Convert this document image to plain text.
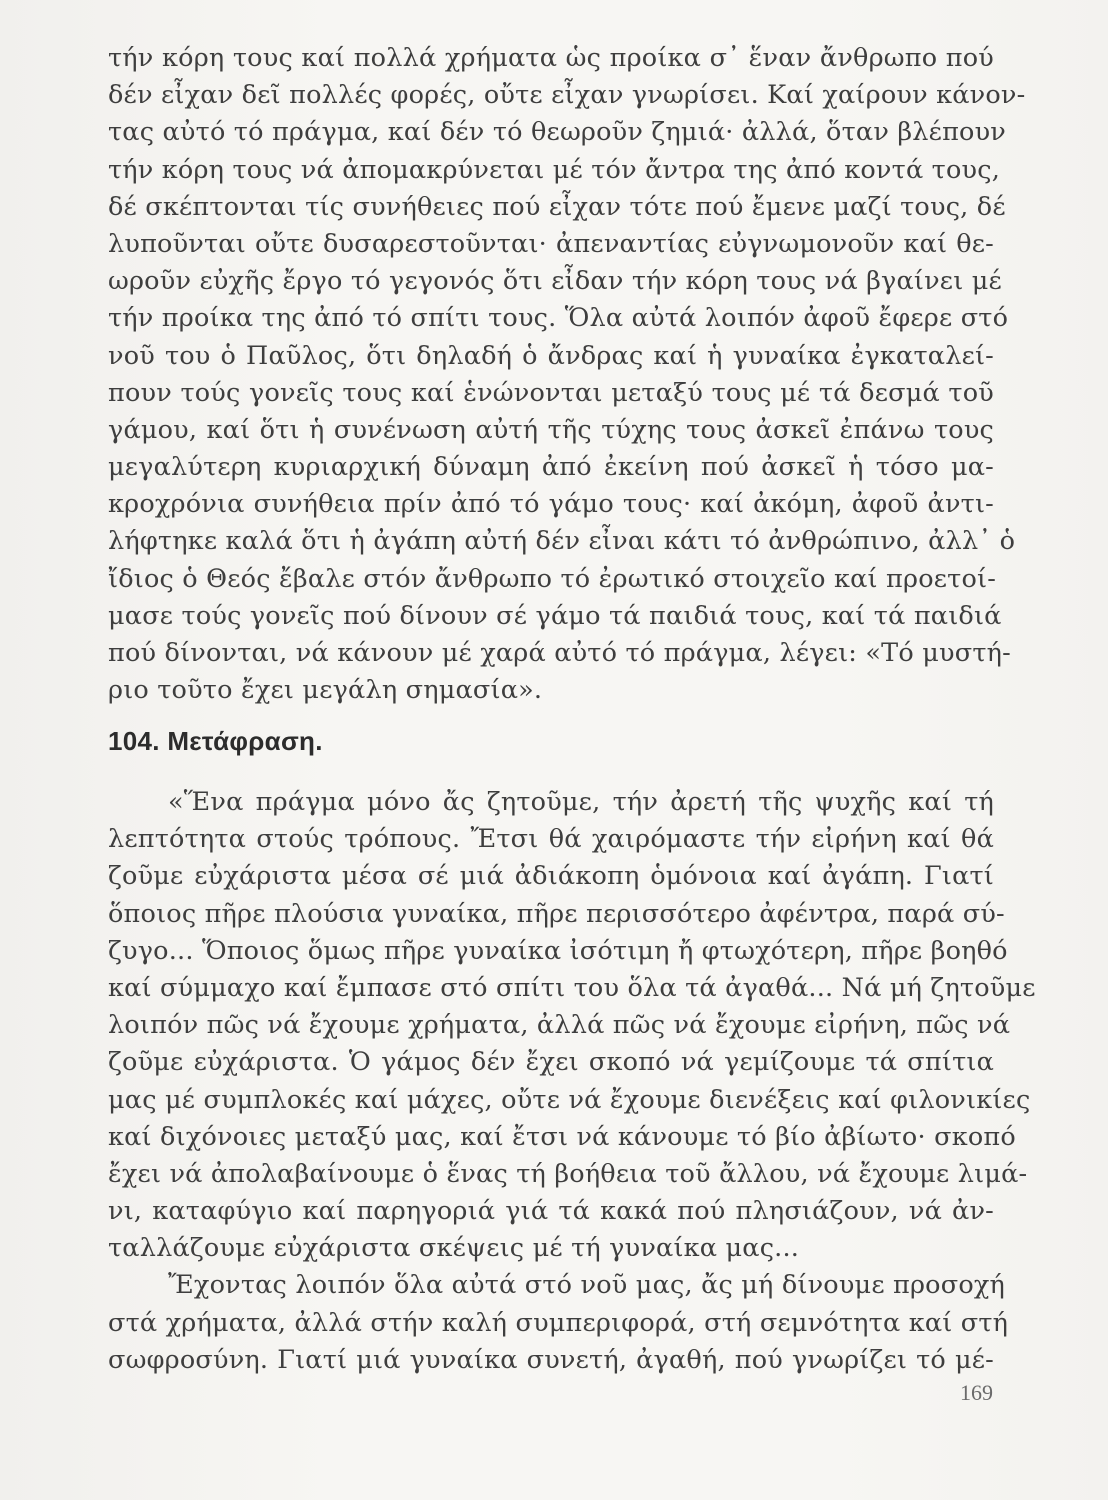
τήν κόρη τους καί πολλά χρήματα ὡς προίκα σ᾽ ἕναν ἄνθρωπο πού
δέν εἶχαν δεῖ πολλές φορές, οὔτε εἶχαν γνωρίσει. Καί χαίρουν κάνον-
τας αὐτό τό πράγμα, καί δέν τό θεωροῦν ζημιά· ἀλλά, ὅταν βλέπουν
τήν κόρη τους νά ἀπομακρύνεται μέ τόν ἄντρα της ἀπό κοντά τους,
δέ σκέπτονται τίς συνήθειες πού εἶχαν τότε πού ἔμενε μαζί τους, δέ
λυποῦνται οὔτε δυσαρεστοῦνται· ἀπεναντίας εὐγνωμονοῦν καί θε-
ωροῦν εὐχῆς ἔργο τό γεγονός ὅτι εἶδαν τήν κόρη τους νά βγαίνει μέ
τήν προίκα της ἀπό τό σπίτι τους. Ὅλα αὐτά λοιπόν ἀφοῦ ἔφερε στό
νοῦ του ὁ Παῦλος, ὅτι δηλαδή ὁ ἄνδρας καί ἡ γυναίκα ἐγκαταλεί-
πουν τούς γονεῖς τους καί ἑνώνονται μεταξύ τους μέ τά δεσμά τοῦ
γάμου, καί ὅτι ἡ συνένωση αὐτή τῆς τύχης τους ἀσκεῖ ἐπάνω τους
μεγαλύτερη κυριαρχική δύναμη ἀπό ἐκείνη πού ἀσκεῖ ἡ τόσο μα-
κροχρόνια συνήθεια πρίν ἀπό τό γάμο τους· καί ἀκόμη, ἀφοῦ ἀντι-
λήφτηκε καλά ὅτι ἡ ἀγάπη αὐτή δέν εἶναι κάτι τό ἀνθρώπινο, ἀλλ᾽ ὁ
ἴδιος ὁ Θεός ἔβαλε στόν ἄνθρωπο τό ἐρωτικό στοιχεῖο καί προετοί-
μασε τούς γονεῖς πού δίνουν σέ γάμο τά παιδιά τους, καί τά παιδιά
πού δίνονται, νά κάνουν μέ χαρά αὐτό τό πράγμα, λέγει: «Τό μυστή-
ριο τοῦτο ἔχει μεγάλη σημασία».
104. Μετάφραση.
«Ἕνα πράγμα μόνο ἄς ζητοῦμε, τήν ἀρετή τῆς ψυχῆς καί τή
λεπτότητα στούς τρόπους. Ἔτσι θά χαιρόμαστε τήν εἰρήνη καί θά
ζοῦμε εὐχάριστα μέσα σέ μιά ἀδιάκοπη ὁμόνοια καί ἀγάπη. Γιατί
ὅποιος πῆρε πλούσια γυναίκα, πῆρε περισσότερο ἀφέντρα, παρά σύ-
ζυγο... Ὅποιος ὅμως πῆρε γυναίκα ἰσότιμη ἤ φτωχότερη, πῆρε βοηθό
καί σύμμαχο καί ἔμπασε στό σπίτι του ὅλα τά ἀγαθά... Νά μή ζητοῦμε
λοιπόν πῶς νά ἔχουμε χρήματα, ἀλλά πῶς νά ἔχουμε εἰρήνη, πῶς νά
ζοῦμε εὐχάριστα. Ὁ γάμος δέν ἔχει σκοπό νά γεμίζουμε τά σπίτια
μας μέ συμπλοκές καί μάχες, οὔτε νά ἔχουμε διενέξεις καί φιλονικίες
καί διχόνοιες μεταξύ μας, καί ἔτσι νά κάνουμε τό βίο ἀβίωτο· σκοπό
ἔχει νά ἀπολαβαίνουμε ὁ ἕνας τή βοήθεια τοῦ ἄλλου, νά ἔχουμε λιμά-
νι, καταφύγιο καί παρηγοριά γιά τά κακά πού πλησιάζουν, νά ἀν-
ταλλάζουμε εὐχάριστα σκέψεις μέ τή γυναίκα μας...
Ἔχοντας λοιπόν ὅλα αὐτά στό νοῦ μας, ἄς μή δίνουμε προσοχή
στά χρήματα, ἀλλά στήν καλή συμπεριφορά, στή σεμνότητα καί στή
σωφροσύνη. Γιατί μιά γυναίκα συνετή, ἀγαθή, πού γνωρίζει τό μέ-
169
